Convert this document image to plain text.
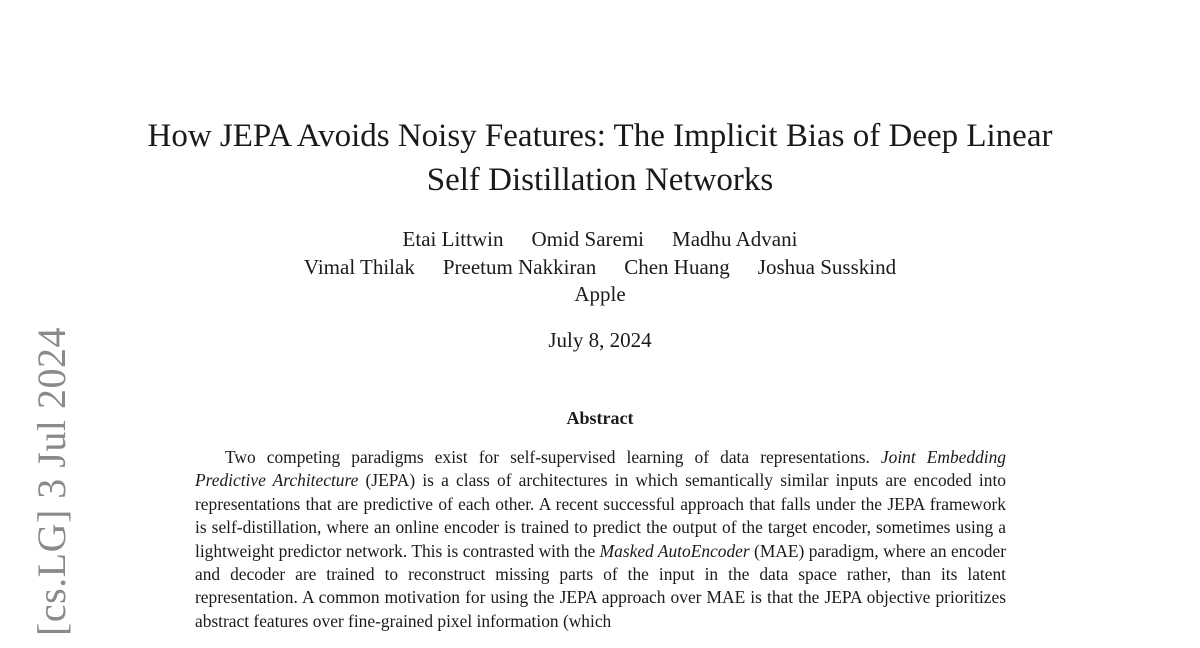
[cs.LG] 3 Jul 2024
How JEPA Avoids Noisy Features: The Implicit Bias of Deep Linear Self Distillation Networks
Etai Littwin Omid Saremi Madhu Advani
Vimal Thilak Preetum Nakkiran Chen Huang Joshua Susskind
Apple
July 8, 2024
Abstract
Two competing paradigms exist for self-supervised learning of data representations. Joint Embedding Predictive Architecture (JEPA) is a class of architectures in which semantically similar inputs are encoded into representations that are predictive of each other. A recent successful approach that falls under the JEPA framework is self-distillation, where an online encoder is trained to predict the output of the target encoder, sometimes using a lightweight predictor network. This is contrasted with the Masked AutoEncoder (MAE) paradigm, where an encoder and decoder are trained to reconstruct missing parts of the input in the data space rather, than its latent representation. A common motivation for using the JEPA approach over MAE is that the JEPA objective prioritizes abstract features over fine-grained pixel information (which
